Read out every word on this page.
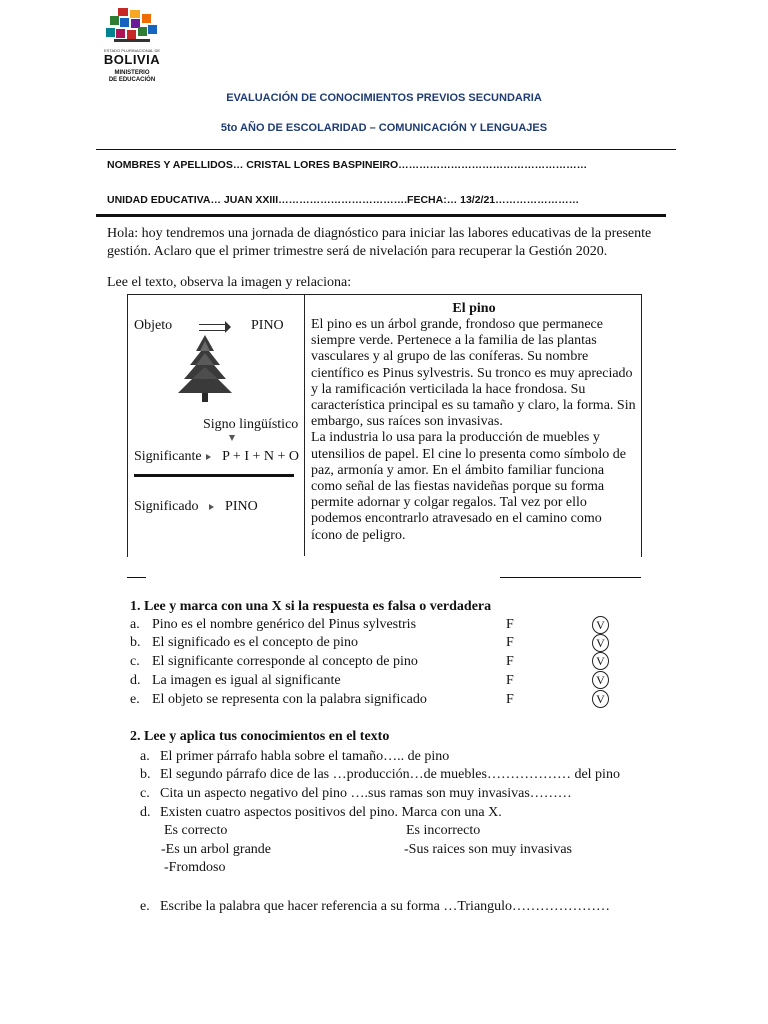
ESTADO PLURINACIONAL DE
BOLIVIA
MINISTERIO
DE EDUCACIÓN
EVALUACIÓN DE CONOCIMIENTOS PREVIOS SECUNDARIA
5to AÑO DE ESCOLARIDAD – COMUNICACIÓN Y LENGUAJES
NOMBRES Y APELLIDOS… CRISTAL LORES BASPINEIRO………………………………………………
UNIDAD EDUCATIVA… JUAN XXIII……………………………….FECHA:… 13/2/21……………………
Hola: hoy tendremos una jornada de diagnóstico para iniciar las labores educativas de la presente
gestión. Aclaro que el primer trimestre será de nivelación para recuperar la Gestión 2020.
Lee el texto, observa la imagen y relaciona:
Objeto	PINO
Signo lingüístico
Significante P + I + N + O
Significado PINO
El pino
El pino es un árbol grande, frondoso que permanece
siempre verde. Pertenece a la familia de las plantas
vasculares y al grupo de las coníferas. Su nombre
científico es Pinus sylvestris. Su tronco es muy apreciado
y la ramificación verticilada la hace frondosa. Su
característica principal es su tamaño y claro, la forma. Sin
embargo, sus raíces son invasivas.
La industria lo usa para la producción de muebles y
utensilios de papel. El cine lo presenta como símbolo de
paz, armonía y amor. En el ámbito familiar funciona
como señal de las fiestas navideñas porque su forma
permite adornar y colgar regalos. Tal vez por ello
podemos encontrarlo atravesado en el camino como
ícono de peligro.
1. Lee y marca con una X si la respuesta es falsa o verdadera
a. Pino es el nombre genérico del Pinus sylvestris	F	V
b. El significado es el concepto de pino	F	V
c. El significante corresponde al concepto de pino	F	V
d. La imagen es igual al significante	F	V
e. El objeto se representa con la palabra significado	F	V
2. Lee y aplica tus conocimientos en el texto
a. El primer párrafo habla sobre el tamaño….. de pino
b. El segundo párrafo dice de las …producción…de muebles……………… del pino
c. Cita un aspecto negativo del pino ….sus ramas son muy invasivas………
d. Existen cuatro aspectos positivos del pino. Marca con una X.
Es correcto	Es incorrecto
-Es un arbol grande	-Sus raices son muy invasivas
-Fromdoso
e. Escribe la palabra que hacer referencia a su forma …Triangulo…………………
